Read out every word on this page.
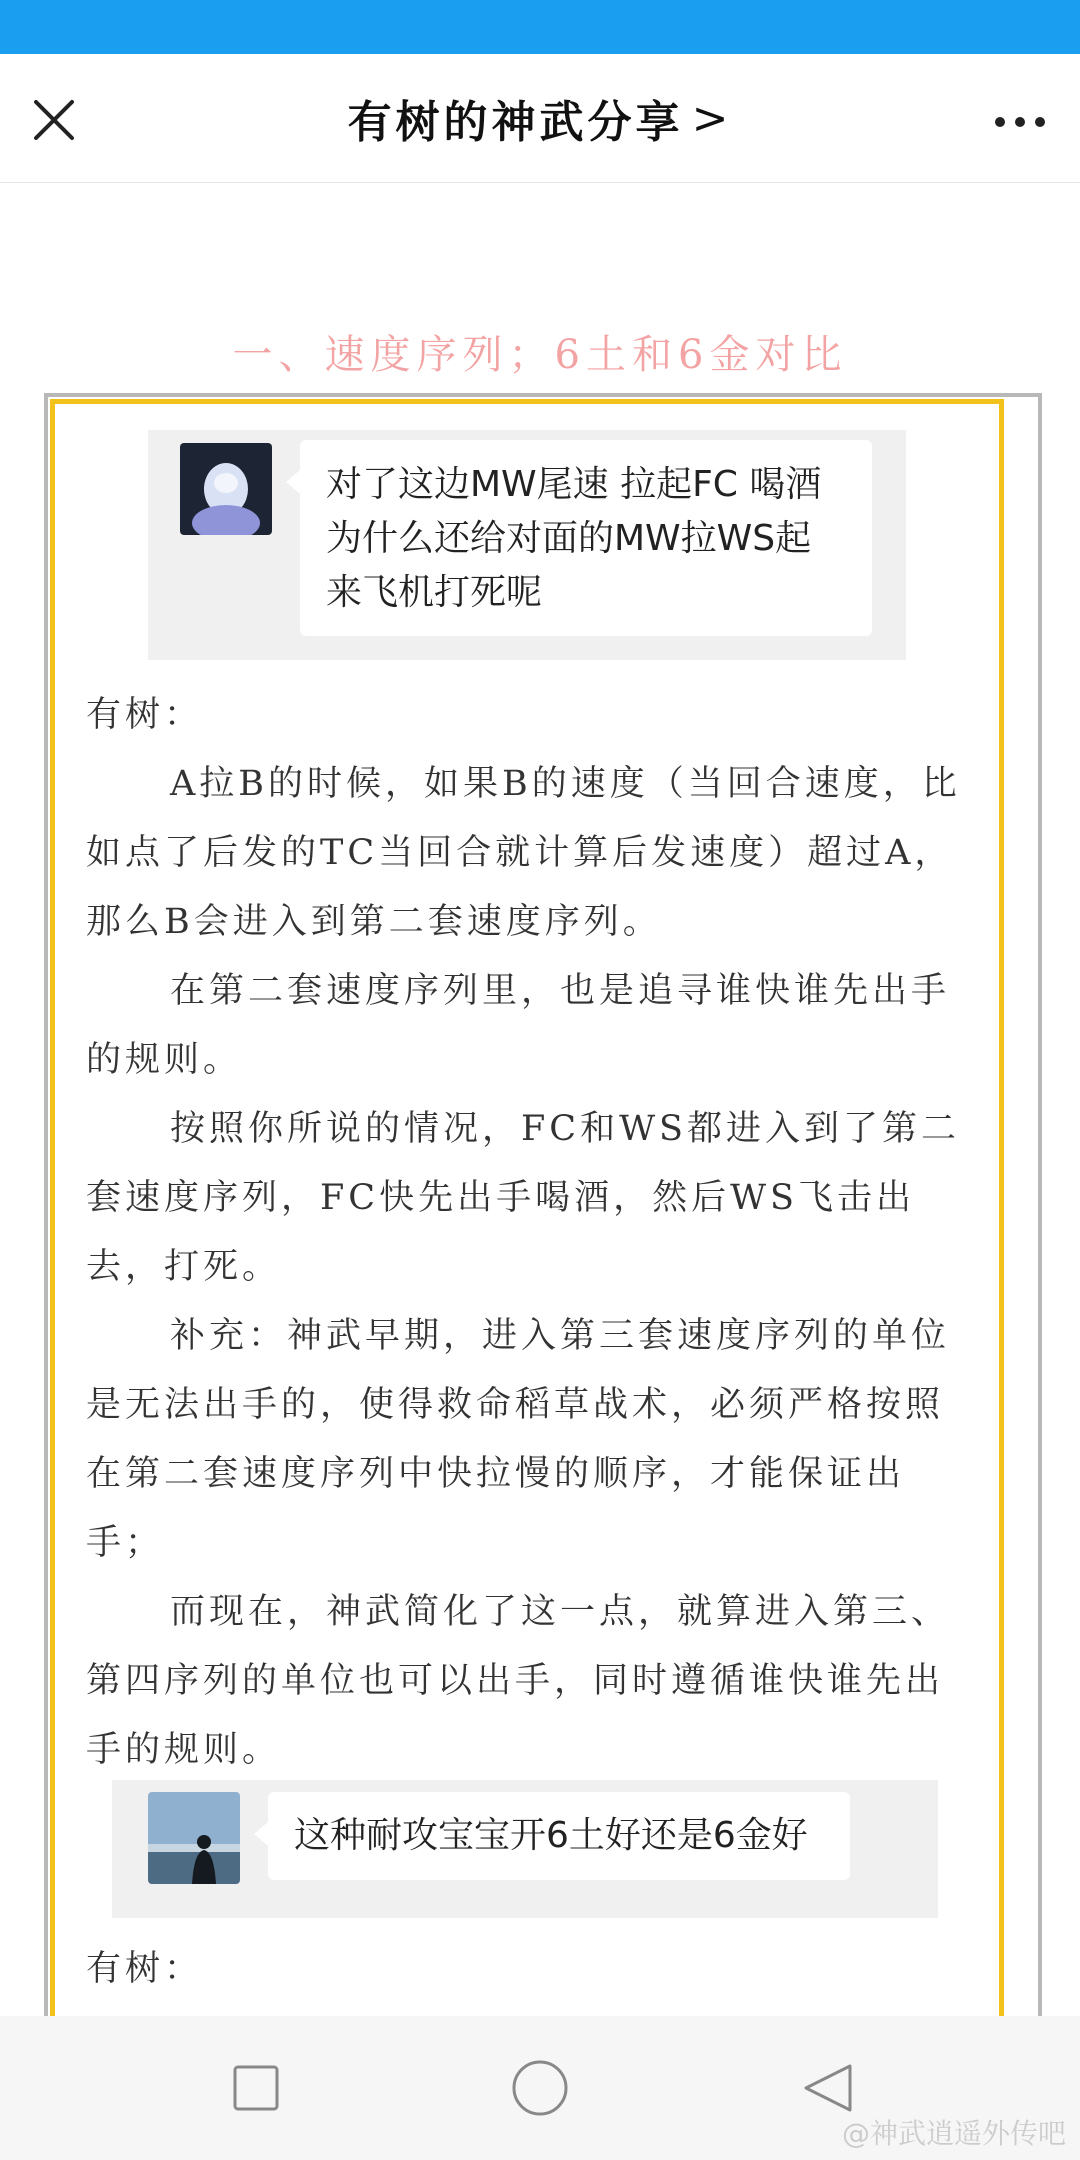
有树的神武分享 >
一、速度序列；6土和6金对比
对了这边MW尾速 拉起FC 喝酒为什么还给对面的MW拉WS起来飞机打死呢

有树：

A拉B的时候，如果B的速度（当回合速度，比如点了后发的TC当回合就计算后发速度）超过A，那么B会进入到第二套速度序列。

在第二套速度序列里，也是追寻谁快谁先出手的规则。

按照你所说的情况，FC和WS都进入到了第二套速度序列，FC快先出手喝酒，然后WS飞击出去，打死。

补充：神武早期，进入第三套速度序列的单位是无法出手的，使得救命稻草战术，必须严格按照在第二套速度序列中快拉慢的顺序，才能保证出手；

而现在，神武简化了这一点，就算进入第三、第四序列的单位也可以出手，同时遵循谁快谁先出手的规则。

这种耐攻宝宝开6土好还是6金好

有树：

@神武逍遥外传吧
